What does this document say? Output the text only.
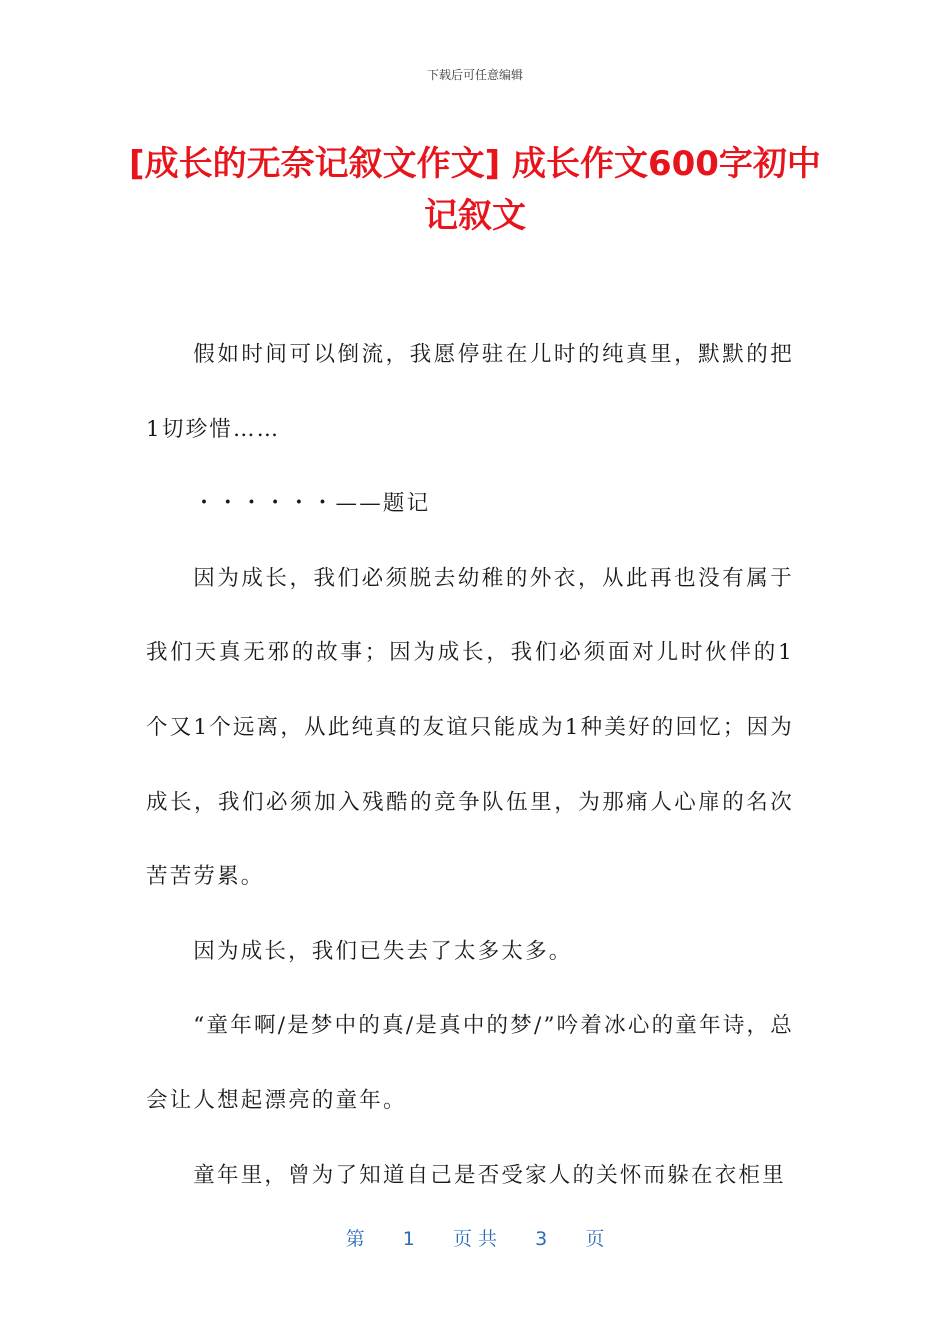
下载后可任意编辑
[成长的无奈记叙文作文] 成长作文600字初中记叙文

假如时间可以倒流，我愿停驻在儿时的纯真里，默默的把1切珍惜……

・・・・・・——题记

因为成长，我们必须脱去幼稚的外衣，从此再也没有属于我们天真无邪的故事；因为成长，我们必须面对儿时伙伴的1个又1个远离，从此纯真的友谊只能成为1种美好的回忆；因为成长，我们必须加入残酷的竞争队伍里，为那痛人心扉的名次苦苦劳累。

因为成长，我们已失去了太多太多。

“童年啊/是梦中的真/是真中的梦/”吟着冰心的童年诗，总会让人想起漂亮的童年。

童年里，曾为了知道自己是否受家人的关怀而躲在衣柜里

第 1 页 共 3 页
